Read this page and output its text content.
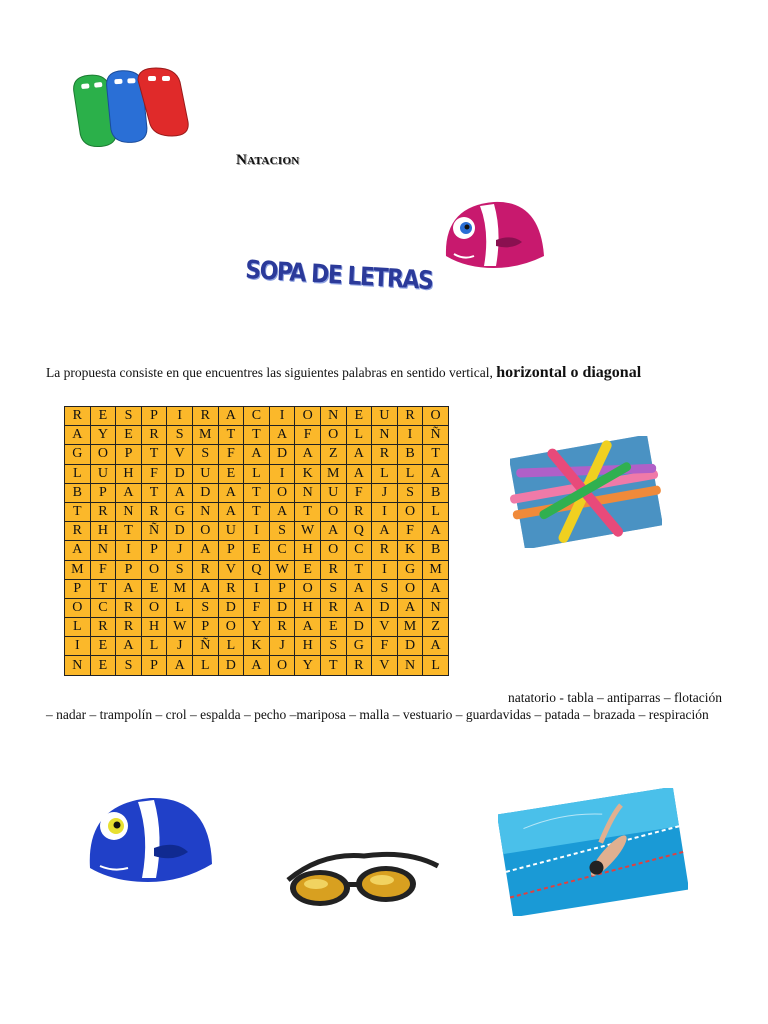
Natacion
SOPA DE LETRAS
La propuesta consiste en que encuentres las siguientes palabras en sentido vertical, horizontal o diagonal
R	E	S	P	I	R	A	C	I	O	N	E	U	R	O
A	Y	E	R	S	M	T	T	A	F	O	L	N	I	Ñ
G	O	P	T	V	S	F	A	D	A	Z	A	R	B	T
L	U	H	F	D	U	E	L	I	K	M	A	L	L	A
B	P	A	T	A	D	A	T	O	N	U	F	J	S	B
T	R	N	R	G	N	A	T	A	T	O	R	I	O	L
R	H	T	Ñ	D	O	U	I	S	W	A	Q	A	F	A
A	N	I	P	J	A	P	E	C	H	O	C	R	K	B
M	F	P	O	S	R	V	Q	W	E	R	T	I	G	M
P	T	A	E	M	A	R	I	P	O	S	A	S	O	A
O	C	R	O	L	S	D	F	D	H	R	A	D	A	N
L	R	R	H	W	P	O	Y	R	A	E	D	V	M	Z
I	E	A	L	J	Ñ	L	K	J	H	S	G	F	D	A
N	E	S	P	A	L	D	A	O	Y	T	R	V	N	L
natatorio - tabla – antiparras – flotación – nadar – trampolín – crol – espalda – pecho –mariposa – malla – vestuario – guardavidas – patada – brazada – respiración
